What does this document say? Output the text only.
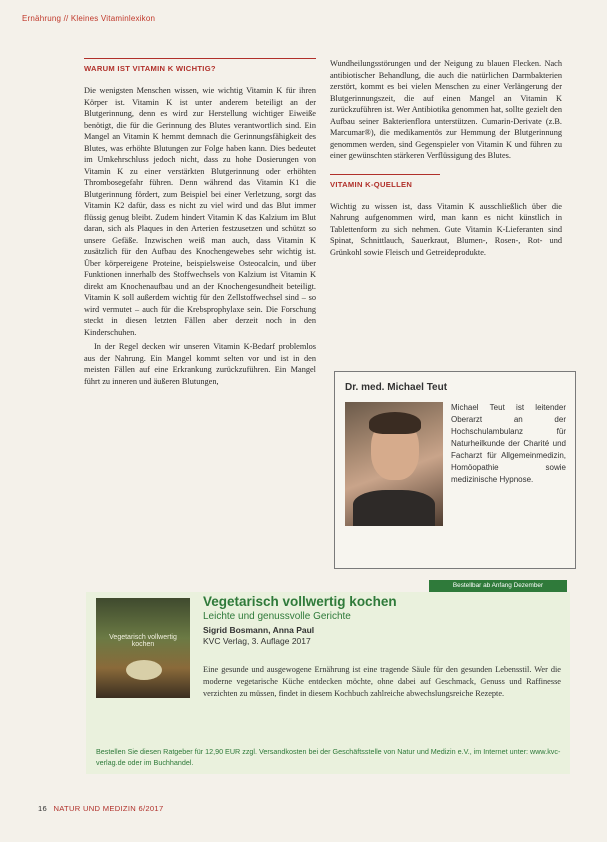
Ernährung // Kleines Vitaminlexikon
WARUM IST VITAMIN K WICHTIG?

Die wenigsten Menschen wissen, wie wichtig Vitamin K für ihren Körper ist. Vitamin K ist unter anderem beteiligt an der Blutgerinnung, denn es wird zur Herstellung wichtiger Eiweiße benötigt, die für die Gerinnung des Blutes verantwortlich sind. Ein Mangel an Vitamin K hemmt demnach die Gerinnungsfähigkeit des Blutes, was erhöhte Blutungen zur Folge haben kann. Dies bedeutet im Umkehrschluss jedoch nicht, dass zu hohe Dosierungen von Vitamin K zu einer verstärkten Blutgerinnung oder erhöhten Thrombosegefahr führen. Denn während das Vitamin K1 die Blutgerinnung fördert, zum Beispiel bei einer Verletzung, sorgt das Vitamin K2 dafür, dass es nicht zu viel wird und das Blut immer flüssig genug bleibt. Zudem hindert Vitamin K das Kalzium im Blut daran, sich als Plaques in den Arterien festzusetzen und schützt so unsere Gefäße. Inzwischen weiß man auch, dass Vitamin K zusätzlich für den Aufbau des Knochengewebes sehr wichtig ist. Über körpereigene Proteine, beispielsweise Osteocalcin, und über Funktionen innerhalb des Stoffwechsels von Kalzium ist Vitamin K direkt am Knochenaufbau und an der Knochengesundheit beteiligt. Vitamin K soll außerdem wichtig für den Zellstoffwechsel sind – so wird vermutet – auch für die Krebsprophylaxe sein. Die Forschung steckt in diesen letzten Fällen aber derzeit noch in den Kinderschuhen.

In der Regel decken wir unseren Vitamin K-Bedarf problemlos aus der Nahrung. Ein Mangel kommt selten vor und ist in den meisten Fällen auf eine Erkrankung zurückzuführen. Ein Mangel führt zu inneren und äußeren Blutungen,

Wundheilungsstörungen und der Neigung zu blauen Flecken. Nach antibiotischer Behandlung, die auch die natürlichen Darmbakterien zerstört, kommt es bei vielen Menschen zu einer Verlängerung der Blutgerinnungszeit, die auf einen Mangel an Vitamin K zurückzuführen ist. Wer Antibiotika genommen hat, sollte gezielt den Aufbau seiner Bakterienflora unterstützen. Cumarin-Derivate (z.B. Marcumar®), die medikamentös zur Hemmung der Blutgerinnung genommen werden, sind Gegenspieler von Vitamin K und führen zu einer gewünschten stärkeren Verflüssigung des Blutes.

VITAMIN K-QUELLEN

Wichtig zu wissen ist, dass Vitamin K ausschließlich über die Nahrung aufgenommen wird, man kann es nicht künstlich in Tablettenform zu sich nehmen. Gute Vitamin K-Lieferanten sind Spinat, Schnittlauch, Sauerkraut, Blumen-, Rosen-, Rot- und Grünkohl sowie Fleisch und Getreideprodukte.

Dr. med. Michael Teut
Michael Teut ist leitender Oberarzt an der Hochschulambulanz für Naturheilkunde der Charité und Facharzt für Allgemeinmedizin, Homöopathie sowie medizinische Hypnose.
Bestellbar ab Anfang Dezember
Vegetarisch vollwertig kochen
Vegetarisch vollwertig kochen
Leichte und genussvolle Gerichte
Sigrid Bosmann, Anna Paul
KVC Verlag, 3. Auflage 2017
Eine gesunde und ausgewogene Ernährung ist eine tragende Säule für den gesunden Lebensstil. Wer die moderne vegetarische Küche entdecken möchte, ohne dabei auf Geschmack, Genuss und Raffinesse verzichten zu müssen, findet in diesem Kochbuch zahlreiche abwechslungsreiche Rezepte.
Bestellen Sie diesen Ratgeber für 12,90 EUR zzgl. Versandkosten bei der Geschäftsstelle von Natur und Medizin e.V., im Internet unter: www.kvc-verlag.de oder im Buchhandel.
16 NATUR UND MEDIZIN 6/2017
